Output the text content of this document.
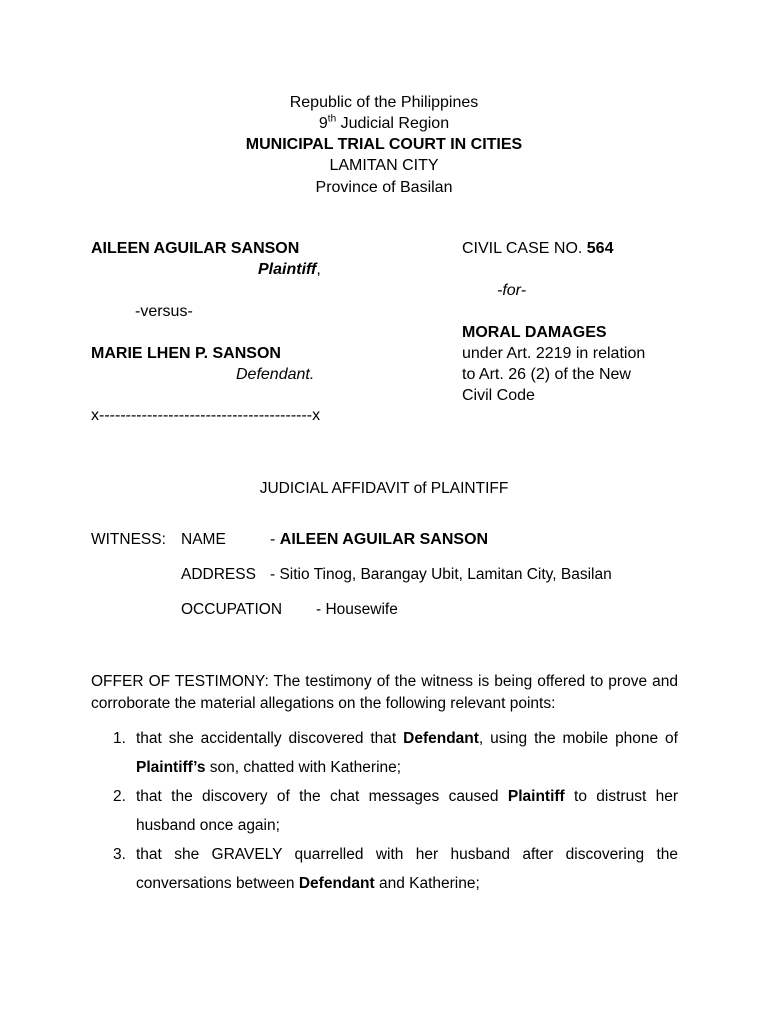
Republic of the Philippines
9th Judicial Region
MUNICIPAL TRIAL COURT IN CITIES
LAMITAN CITY
Province of Basilan
AILEEN AGUILAR SANSON
Plaintiff,
-versus-
MARIE LHEN P. SANSON
Defendant.
x----------------------------------------x
CIVIL CASE NO. 564
-for-
MORAL DAMAGES
under Art. 2219 in relation
to Art. 26 (2) of the New
Civil Code
JUDICIAL AFFIDAVIT of PLAINTIFF
WITNESS: NAME	- AILEEN AGUILAR SANSON
ADDRESS - Sitio Tinog, Barangay Ubit, Lamitan City, Basilan
OCCUPATION - Housewife
OFFER OF TESTIMONY: The testimony of the witness is being offered to prove and corroborate the material allegations on the following relevant points:
1. that she accidentally discovered that Defendant, using the mobile phone of Plaintiff’s son, chatted with Katherine;
2. that the discovery of the chat messages caused Plaintiff to distrust her husband once again;
3. that she GRAVELY quarrelled with her husband after discovering the conversations between Defendant and Katherine;
